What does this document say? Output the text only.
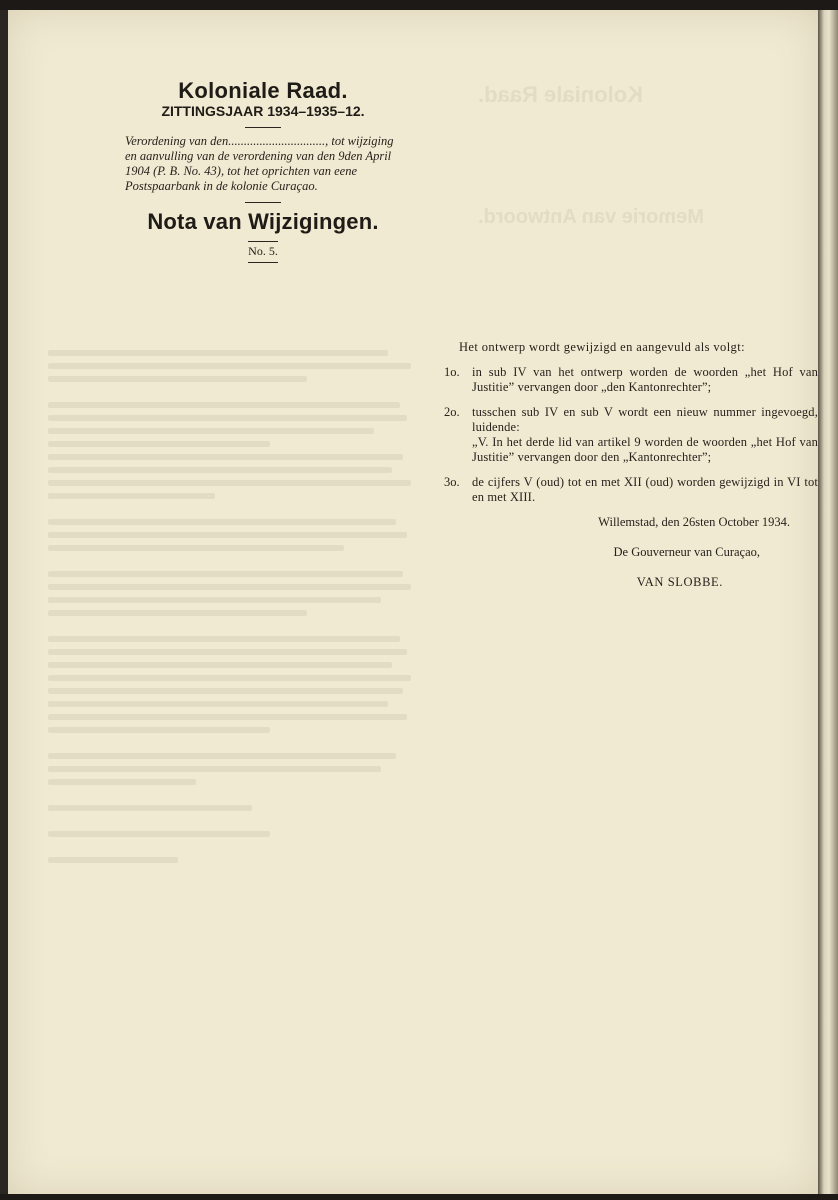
Koloniale Raad.
Memorie van Antwoord.
Koloniale Raad.
ZITTINGSJAAR 1934–1935–12.
Verordening van den..............................., tot wijziging en aanvulling van de verordening van den 9den April 1904 (P. B. No. 43), tot het oprichten van eene Postspaarbank in de kolonie Curaçao.
Nota van Wijzigingen.
No. 5.
Het ontwerp wordt gewijzigd en aangevuld als volgt:
1o. in sub IV van het ontwerp worden de woorden „het Hof van Justitie” vervangen door „den Kantonrechter”;
2o. tusschen sub IV en sub V wordt een nieuw nummer ingevoegd, luidende:
„V. In het derde lid van artikel 9 worden de woorden „het Hof van Justitie” vervangen door den „Kantonrechter”;
3o. de cijfers V (oud) tot en met XII (oud) worden gewijzigd in VI tot en met XIII.
Willemstad, den 26sten October 1934.
De Gouverneur van Curaçao,
VAN SLOBBE.
